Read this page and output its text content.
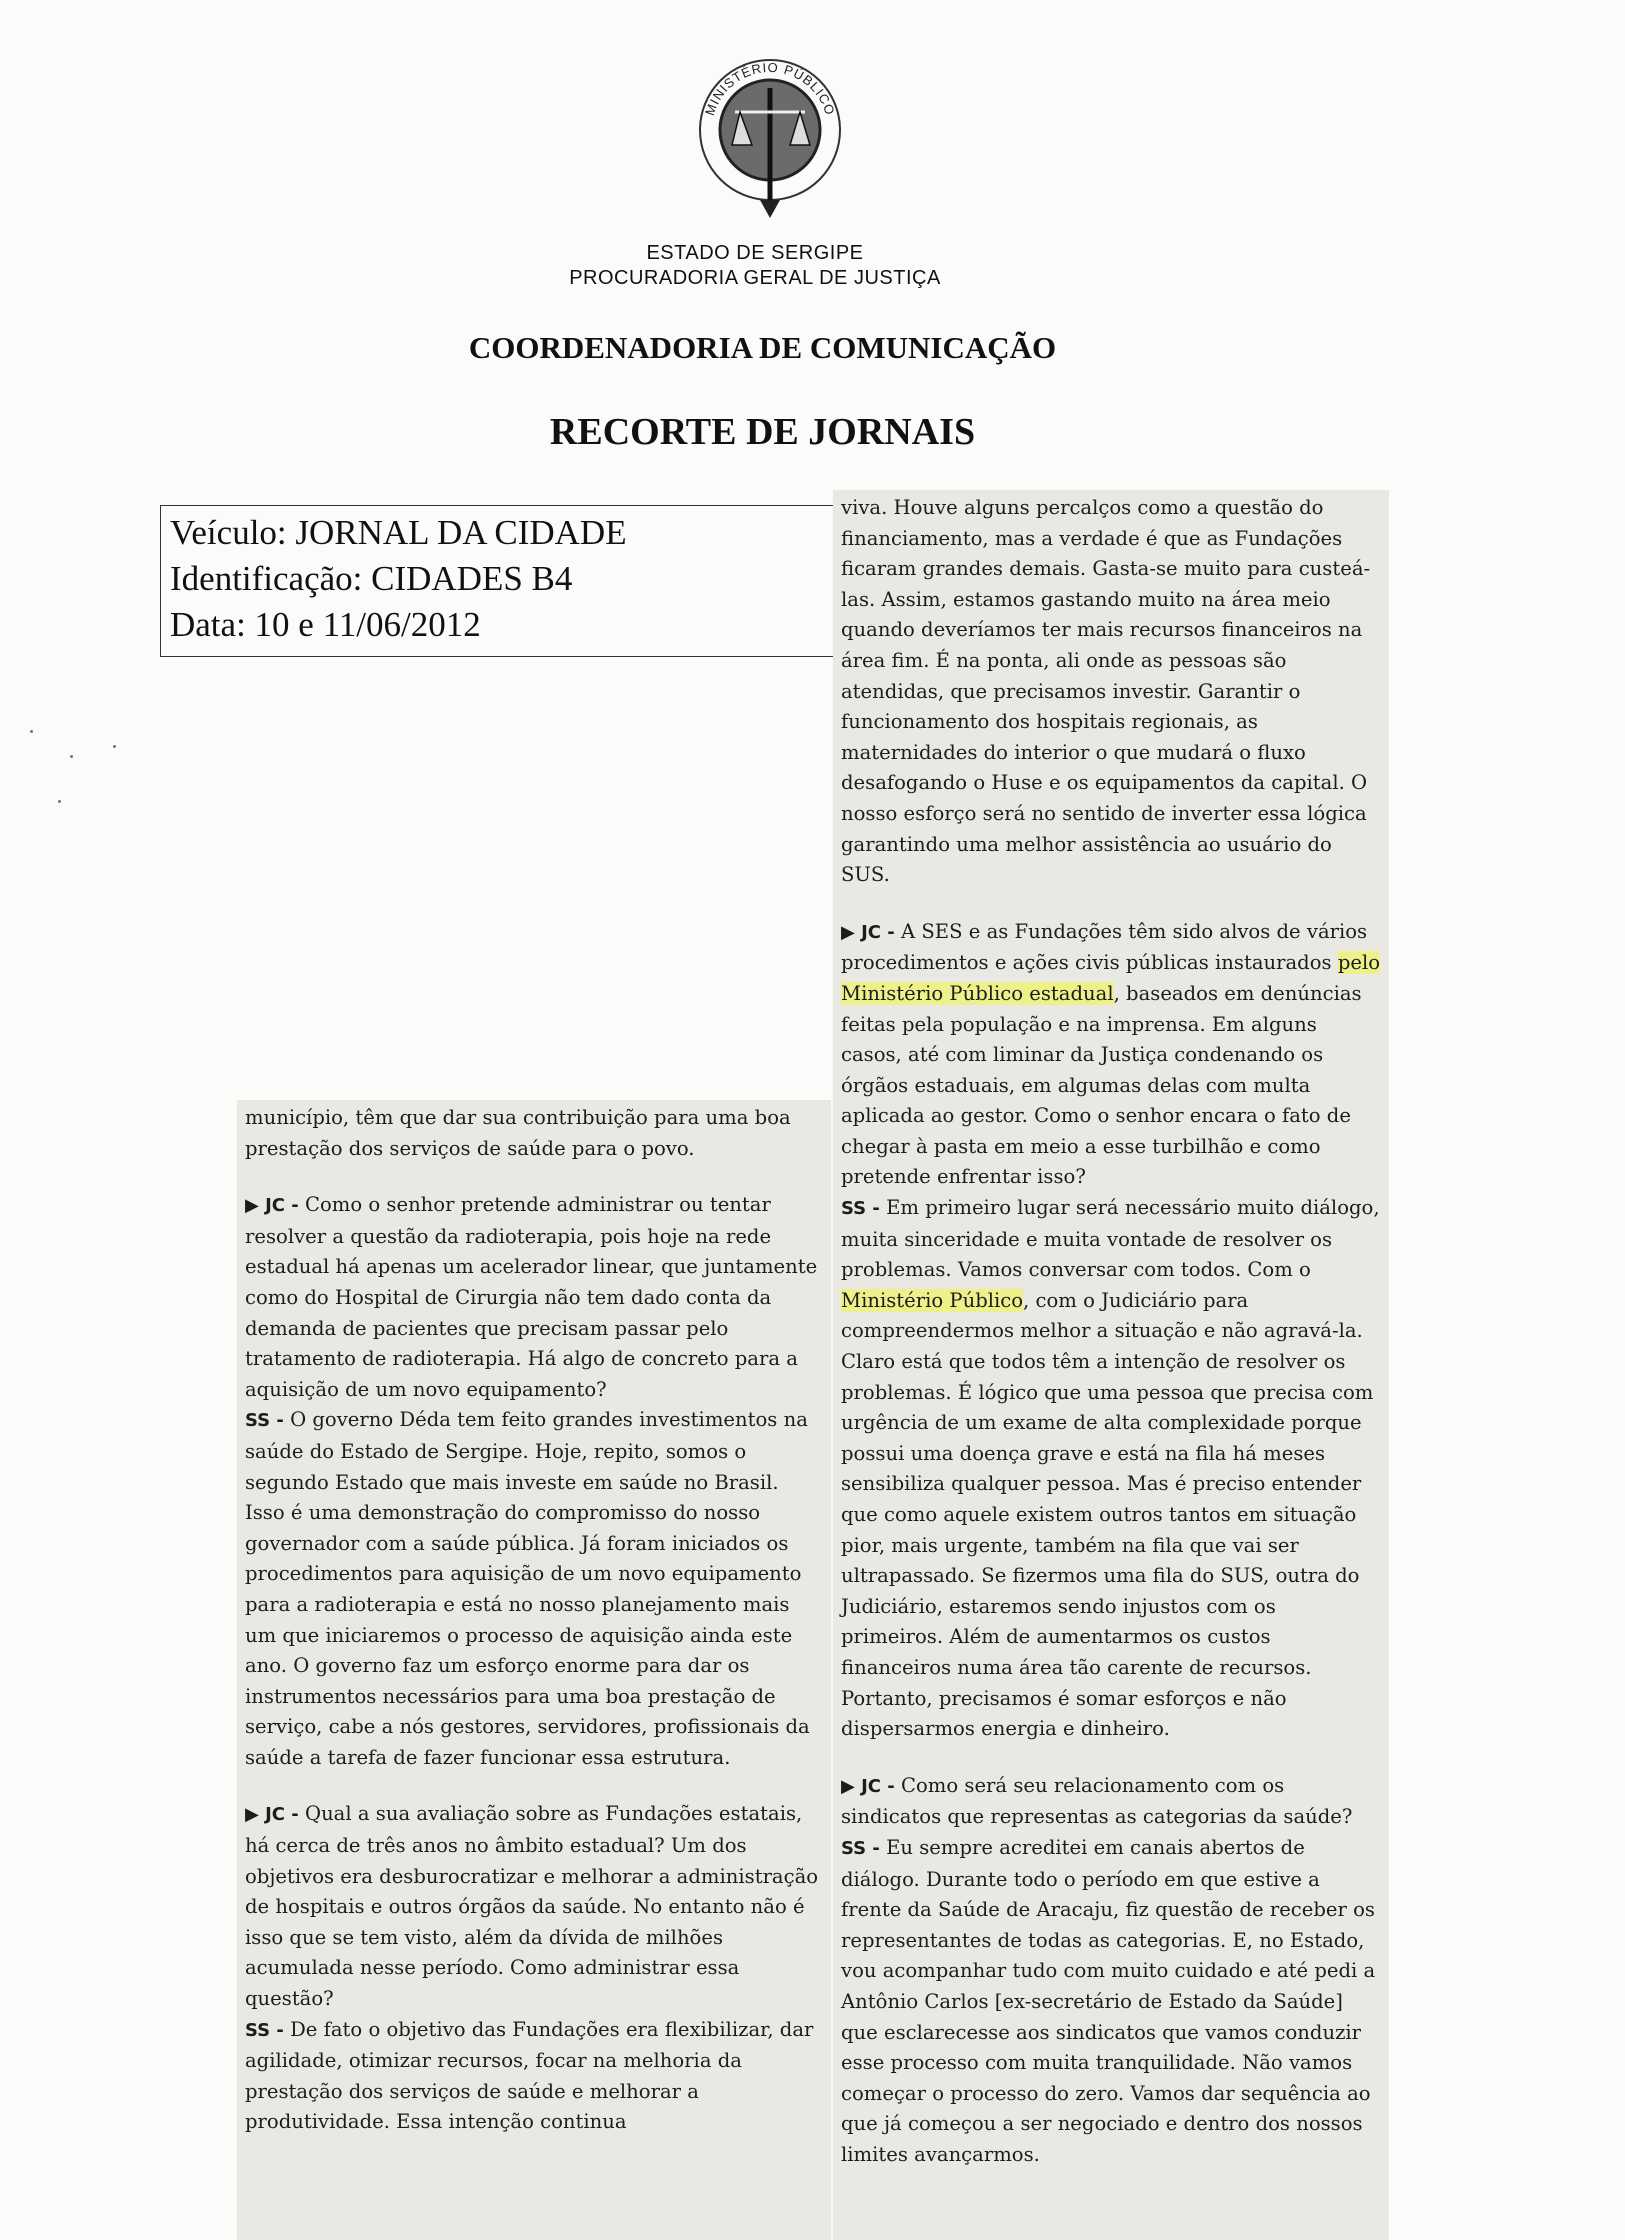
MINISTÉRIO PÚBLICO
ESTADO DE SERGIPE
PROCURADORIA GERAL DE JUSTIÇA
COORDENADORIA DE COMUNICAÇÃO
RECORTE DE JORNAIS
Veículo: JORNAL DA CIDADE
Identificação: CIDADES B4
Data: 10 e 11/06/2012

viva. Houve alguns percalços como a questão do financiamento, mas a verdade é que as Fundações ficaram grandes demais. Gasta-se muito para custeá-las. Assim, estamos gastando muito na área meio quando deveríamos ter mais recursos financeiros na área fim. É na ponta, ali onde as pessoas são atendidas, que precisamos investir. Garantir o funcionamento dos hospitais regionais, as maternidades do interior o que mudará o fluxo desafogando o Huse e os equipamentos da capital. O nosso esforço será no sentido de inverter essa lógica garantindo uma melhor assistência ao usuário do SUS.

▶ JC - A SES e as Fundações têm sido alvos de vários procedimentos e ações civis públicas instaurados pelo Ministério Público estadual, baseados em denúncias feitas pela população e na imprensa. Em alguns casos, até com liminar da Justiça condenando os órgãos estaduais, em algumas delas com multa aplicada ao gestor. Como o senhor encara o fato de chegar à pasta em meio a esse turbilhão e como pretende enfrentar isso?

SS - Em primeiro lugar será necessário muito diálogo, muita sinceridade e muita vontade de resolver os problemas. Vamos conversar com todos. Com o Ministério Público, com o Judiciário para compreendermos melhor a situação e não agravá-la. Claro está que todos têm a intenção de resolver os problemas. É lógico que uma pessoa que precisa com urgência de um exame de alta complexidade porque possui uma doença grave e está na fila há meses sensibiliza qualquer pessoa. Mas é preciso entender que como aquele existem outros tantos em situação pior, mais urgente, também na fila que vai ser ultrapassado. Se fizermos uma fila do SUS, outra do Judiciário, estaremos sendo injustos com os primeiros. Além de aumentarmos os custos financeiros numa área tão carente de recursos. Portanto, precisamos é somar esforços e não dispersarmos energia e dinheiro.

▶ JC - Como será seu relacionamento com os sindicatos que representas as categorias da saúde?

SS - Eu sempre acreditei em canais abertos de diálogo. Durante todo o período em que estive a frente da Saúde de Aracaju, fiz questão de receber os representantes de todas as categorias. E, no Estado, vou acompanhar tudo com muito cuidado e até pedi a Antônio Carlos [ex-secretário de Estado da Saúde] que esclarecesse aos sindicatos que vamos conduzir esse processo com muita tranquilidade. Não vamos começar o processo do zero. Vamos dar sequência ao que já começou a ser negociado e dentro dos nossos limites avançarmos.

município, têm que dar sua contribuição para uma boa prestação dos serviços de saúde para o povo.

▶ JC - Como o senhor pretende administrar ou tentar resolver a questão da radioterapia, pois hoje na rede estadual há apenas um acelerador linear, que juntamente como do Hospital de Cirurgia não tem dado conta da demanda de pacientes que precisam passar pelo tratamento de radioterapia. Há algo de concreto para a aquisição de um novo equipamento?

SS - O governo Déda tem feito grandes investimentos na saúde do Estado de Sergipe. Hoje, repito, somos o segundo Estado que mais investe em saúde no Brasil. Isso é uma demonstração do compromisso do nosso governador com a saúde pública. Já foram iniciados os procedimentos para aquisição de um novo equipamento para a radioterapia e está no nosso planejamento mais um que iniciaremos o processo de aquisição ainda este ano. O governo faz um esforço enorme para dar os instrumentos necessários para uma boa prestação de serviço, cabe a nós gestores, servidores, profissionais da saúde a tarefa de fazer funcionar essa estrutura.

▶ JC - Qual a sua avaliação sobre as Fundações estatais, há cerca de três anos no âmbito estadual? Um dos objetivos era desburocratizar e melhorar a administração de hospitais e outros órgãos da saúde. No entanto não é isso que se tem visto, além da dívida de milhões acumulada nesse período. Como administrar essa questão?

SS - De fato o objetivo das Fundações era flexibilizar, dar agilidade, otimizar recursos, focar na melhoria da prestação dos serviços de saúde e melhorar a produtividade. Essa intenção continua
